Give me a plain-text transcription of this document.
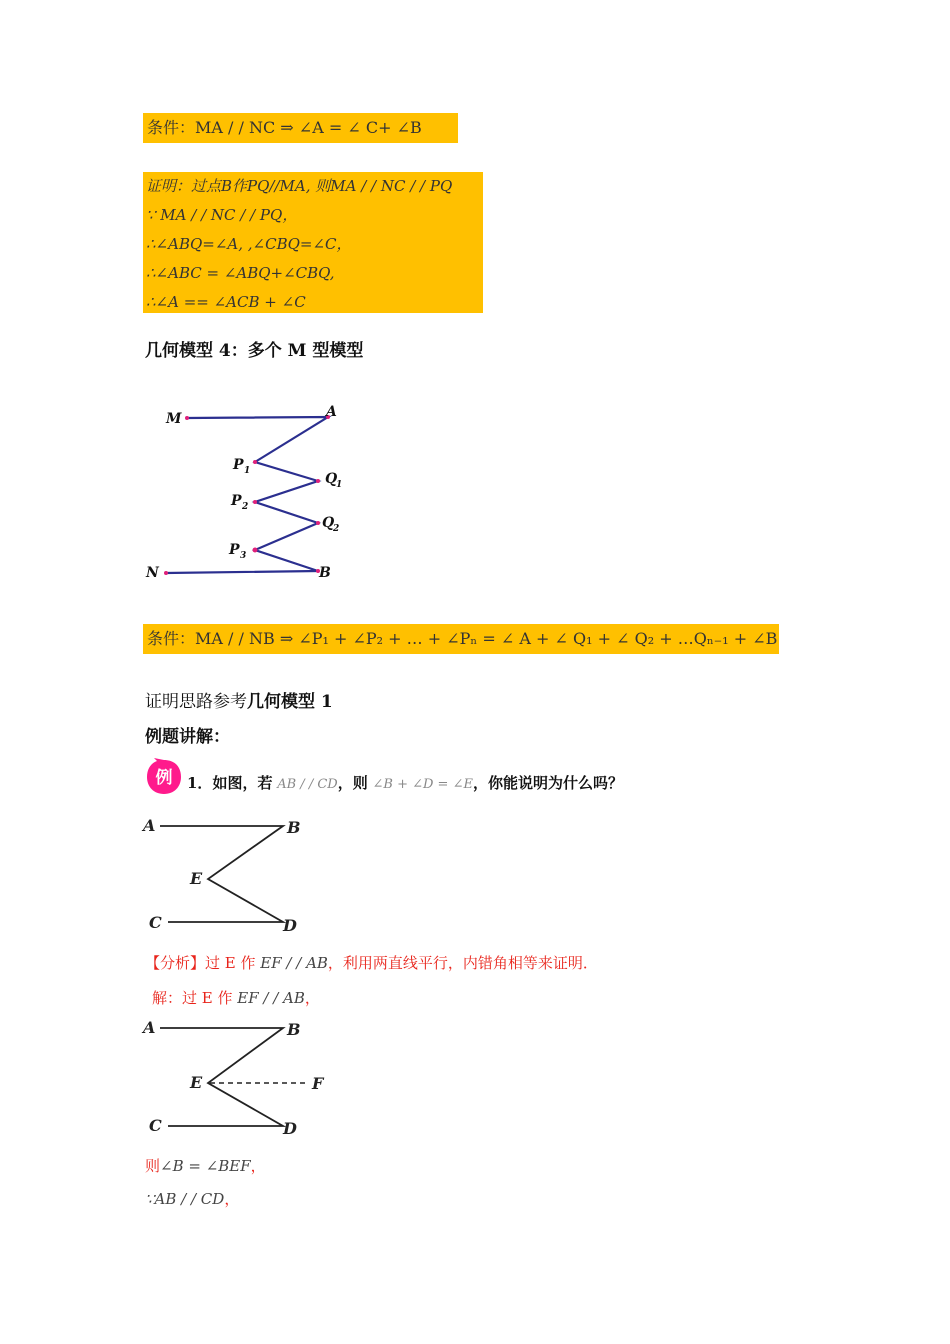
条件：MA / / NC ⇒ ∠A = ∠ C+ ∠B
证明：过点B作PQ//MA, 则MA / / NC / / PQ
∵ MA / / NC / / PQ，
∴∠ABQ=∠A, ,∠CBQ=∠C，
∴∠ABC = ∠ABQ+∠CBQ,
∴∠A == ∠ACB + ∠C
几何模型 4：多个 M 型模型
M	A
P 1	Q
1
P 2
Q
2
P 3
N	B
条件：MA / / NB ⇒ ∠P₁ + ∠P₂ + … + ∠Pₙ = ∠ A + ∠ Q₁ + ∠ Q₂ + …Qₙ₋₁ + ∠B
证明思路参考几何模型 1
例题讲解：
例 1．如图，若 AB / / CD，则 ∠B + ∠D = ∠E，你能说明为什么吗？
A	B
E
C	D
【分析】过 E 作 EF / / AB，利用两直线平行，内错角相等来证明．
解：过 E 作 EF / / AB，
A	B
E	F
C	D
则∠B = ∠BEF，
∵AB / / CD，
